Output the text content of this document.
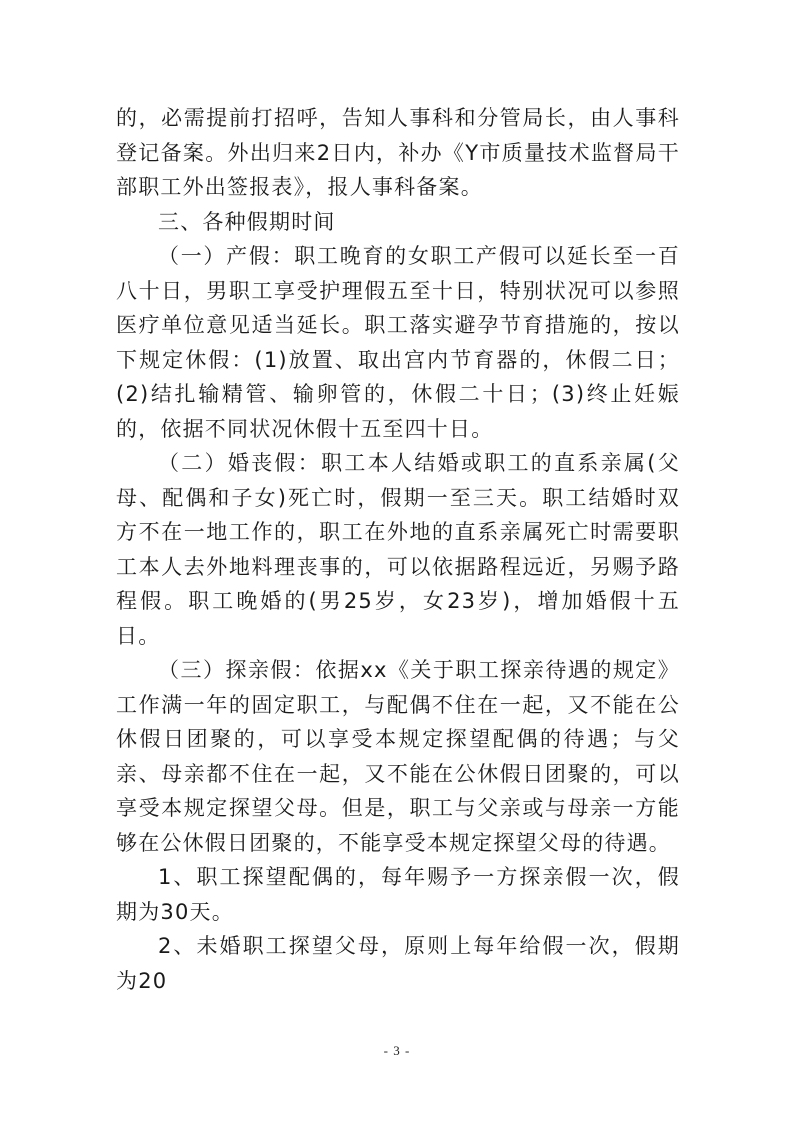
的，必需提前打招呼，告知人事科和分管局长，由人事科登记备案。外出归来2日内，补办《Y市质量技术监督局干部职工外出签报表》，报人事科备案。

三、各种假期时间

（一）产假：职工晚育的女职工产假可以延长至一百八十日，男职工享受护理假五至十日，特别状况可以参照医疗单位意见适当延长。职工落实避孕节育措施的，按以下规定休假：(1)放置、取出宫内节育器的，休假二日；(2)结扎输精管、输卵管的，休假二十日；(3)终止妊娠的，依据不同状况休假十五至四十日。

（二）婚丧假：职工本人结婚或职工的直系亲属(父母、配偶和子女)死亡时，假期一至三天。职工结婚时双方不在一地工作的，职工在外地的直系亲属死亡时需要职工本人去外地料理丧事的，可以依据路程远近，另赐予路程假。职工晚婚的(男25岁，女23岁)，增加婚假十五日。

（三）探亲假：依据xx《关于职工探亲待遇的规定》工作满一年的固定职工，与配偶不住在一起，又不能在公休假日团聚的，可以享受本规定探望配偶的待遇；与父亲、母亲都不住在一起，又不能在公休假日团聚的，可以享受本规定探望父母。但是，职工与父亲或与母亲一方能够在公休假日团聚的，不能享受本规定探望父母的待遇。

1、职工探望配偶的，每年赐予一方探亲假一次，假期为30天。

2、未婚职工探望父母，原则上每年给假一次，假期为20

- 3 -
